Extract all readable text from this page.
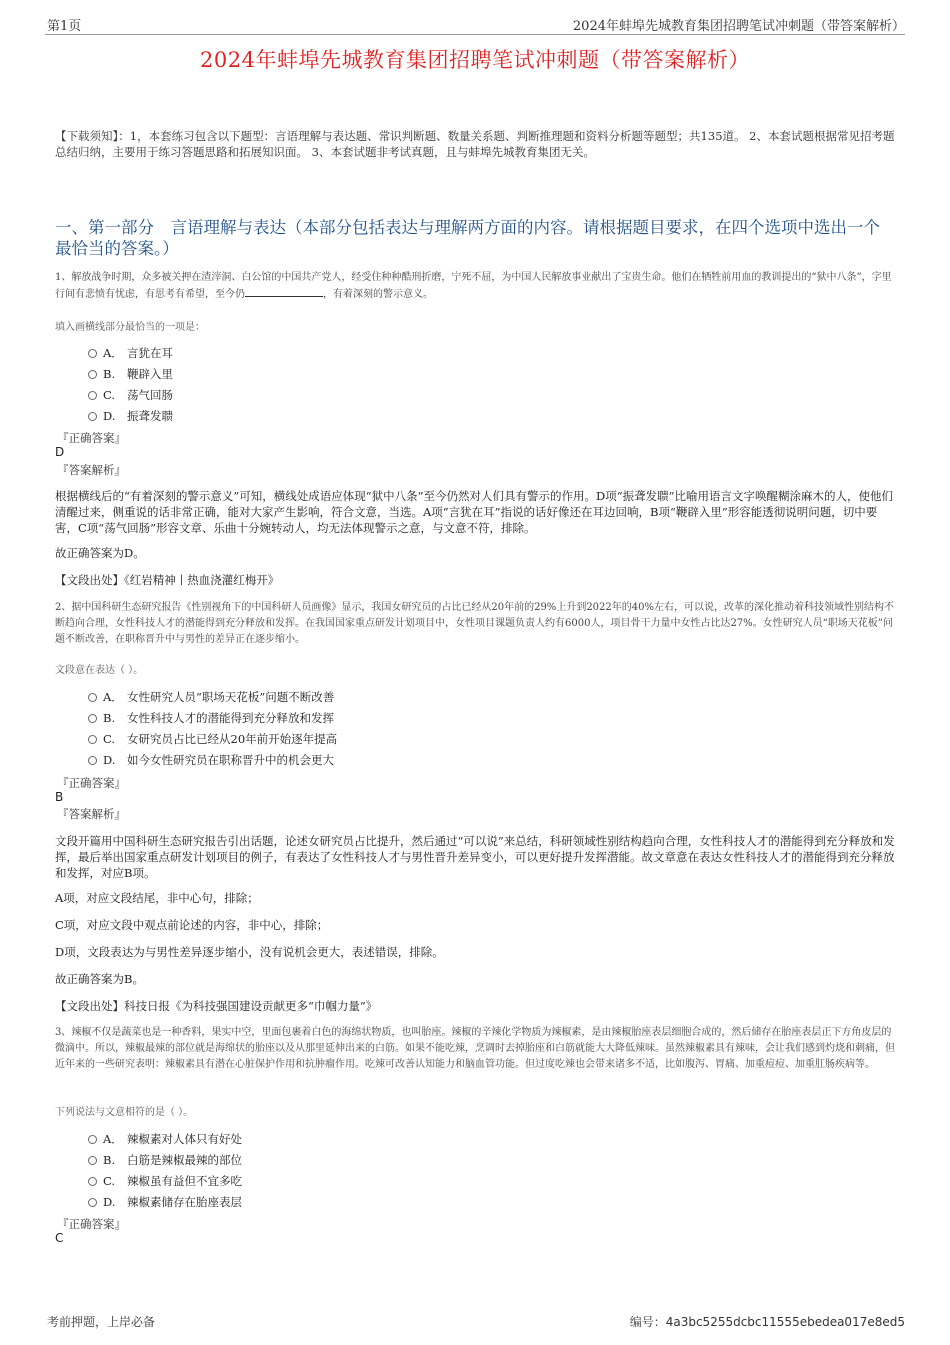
第1页	2024年蚌埠先城教育集团招聘笔试冲刺题（带答案解析）
2024年蚌埠先城教育集团招聘笔试冲刺题（带答案解析）
【下载须知】：1，本套练习包含以下题型：言语理解与表达题、常识判断题、数量关系题、判断推理题和资料分析题等题型；共135道。 2、本套试题根据常见招考题总结归纳，主要用于练习答题思路和拓展知识面。 3、本套试题非考试真题，且与蚌埠先城教育集团无关。
一、第一部分　言语理解与表达（本部分包括表达与理解两方面的内容。请根据题目要求，在四个选项中选出一个最恰当的答案。）
1、解放战争时期，众多被关押在渣滓洞、白公馆的中国共产党人，经受住种种酷刑折磨，宁死不屈，为中国人民解放事业献出了宝贵生命。他们在牺牲前用血的教训提出的“狱中八条”，字里行间有悲愤有忧虑，有思考有希望，至今仍	，有着深刻的警示意义。
填入画横线部分最恰当的一项是：
A． 言犹在耳
B. 鞭辟入里
C. 荡气回肠
D. 振聋发聩
『正确答案』
D
『答案解析』
根据横线后的“有着深刻的警示意义”可知，横线处成语应体现“狱中八条”至今仍然对人们具有警示的作用。D项“振聋发聩”比喻用语言文字唤醒糊涂麻木的人，使他们清醒过来，侧重说的话非常正确，能对大家产生影响，符合文意，当选。A项“言犹在耳”指说的话好像还在耳边回响，B项“鞭辟入里”形容能透彻说明问题，切中要害，C项“荡气回肠”形容文章、乐曲十分婉转动人，均无法体现警示之意，与文意不符，排除。
故正确答案为D。
【文段出处】《红岩精神丨热血浇灌红梅开》
2、据中国科研生态研究报告《性别视角下的中国科研人员画像》显示，我国女研究员的占比已经从20年前的29%上升到2022年的40%左右，可以说，改革的深化推动着科技领域性别结构不断趋向合理，女性科技人才的潜能得到充分释放和发挥。在我国国家重点研发计划项目中，女性项目课题负责人约有6000人，项目骨干力量中女性占比达27%。女性研究人员“职场天花板”问题不断改善，在职称晋升中与男性的差异正在逐步缩小。
文段意在表达（ ）。
A． 女性研究人员“职场天花板”问题不断改善
B. 女性科技人才的潜能得到充分释放和发挥
C. 女研究员占比已经从20年前开始逐年提高
D. 如今女性研究员在职称晋升中的机会更大
『正确答案』
B
『答案解析』
文段开篇用中国科研生态研究报告引出话题，论述女研究员占比提升，然后通过“可以说”来总结，科研领域性别结构趋向合理，女性科技人才的潜能得到充分释放和发挥，最后举出国家重点研发计划项目的例子，有表达了女性科技人才与男性晋升差异变小，可以更好提升发挥潜能。故文章意在表达女性科技人才的潜能得到充分释放和发挥，对应B项。
A项，对应文段结尾，非中心句，排除；
C项，对应文段中观点前论述的内容，非中心，排除；
D项，文段表达为与男性差异逐步缩小，没有说机会更大，表述错误，排除。
故正确答案为B。
【文段出处】科技日报《为科技强国建设贡献更多“巾帼力量”》
3、辣椒不仅是蔬菜也是一种香料，果实中空，里面包裹着白色的海绵状物质，也叫胎座。辣椒的辛辣化学物质为辣椒素，是由辣椒胎座表层细胞合成的，然后储存在胎座表层正下方角皮层的微滴中。所以，辣椒最辣的部位就是海绵状的胎座以及从那里延伸出来的白筋。如果不能吃辣，烹调时去掉胎座和白筋就能大大降低辣味。虽然辣椒素具有辣味，会让我们感到灼烧和刺痛，但近年来的一些研究表明：辣椒素具有潜在心脏保护作用和抗肿瘤作用。吃辣可改善认知能力和脑血管功能。但过度吃辣也会带来诸多不适，比如腹泻、胃痛、加重痘痘、加重肛肠疾病等。
下列说法与文意相符的是（ ）。
A． 辣椒素对人体只有好处
B. 白筋是辣椒最辣的部位
C. 辣椒虽有益但不宜多吃
D. 辣椒素储存在胎座表层
『正确答案』
C
考前押题，上岸必备	编号：4a3bc5255dcbc11555ebedea017e8ed5
